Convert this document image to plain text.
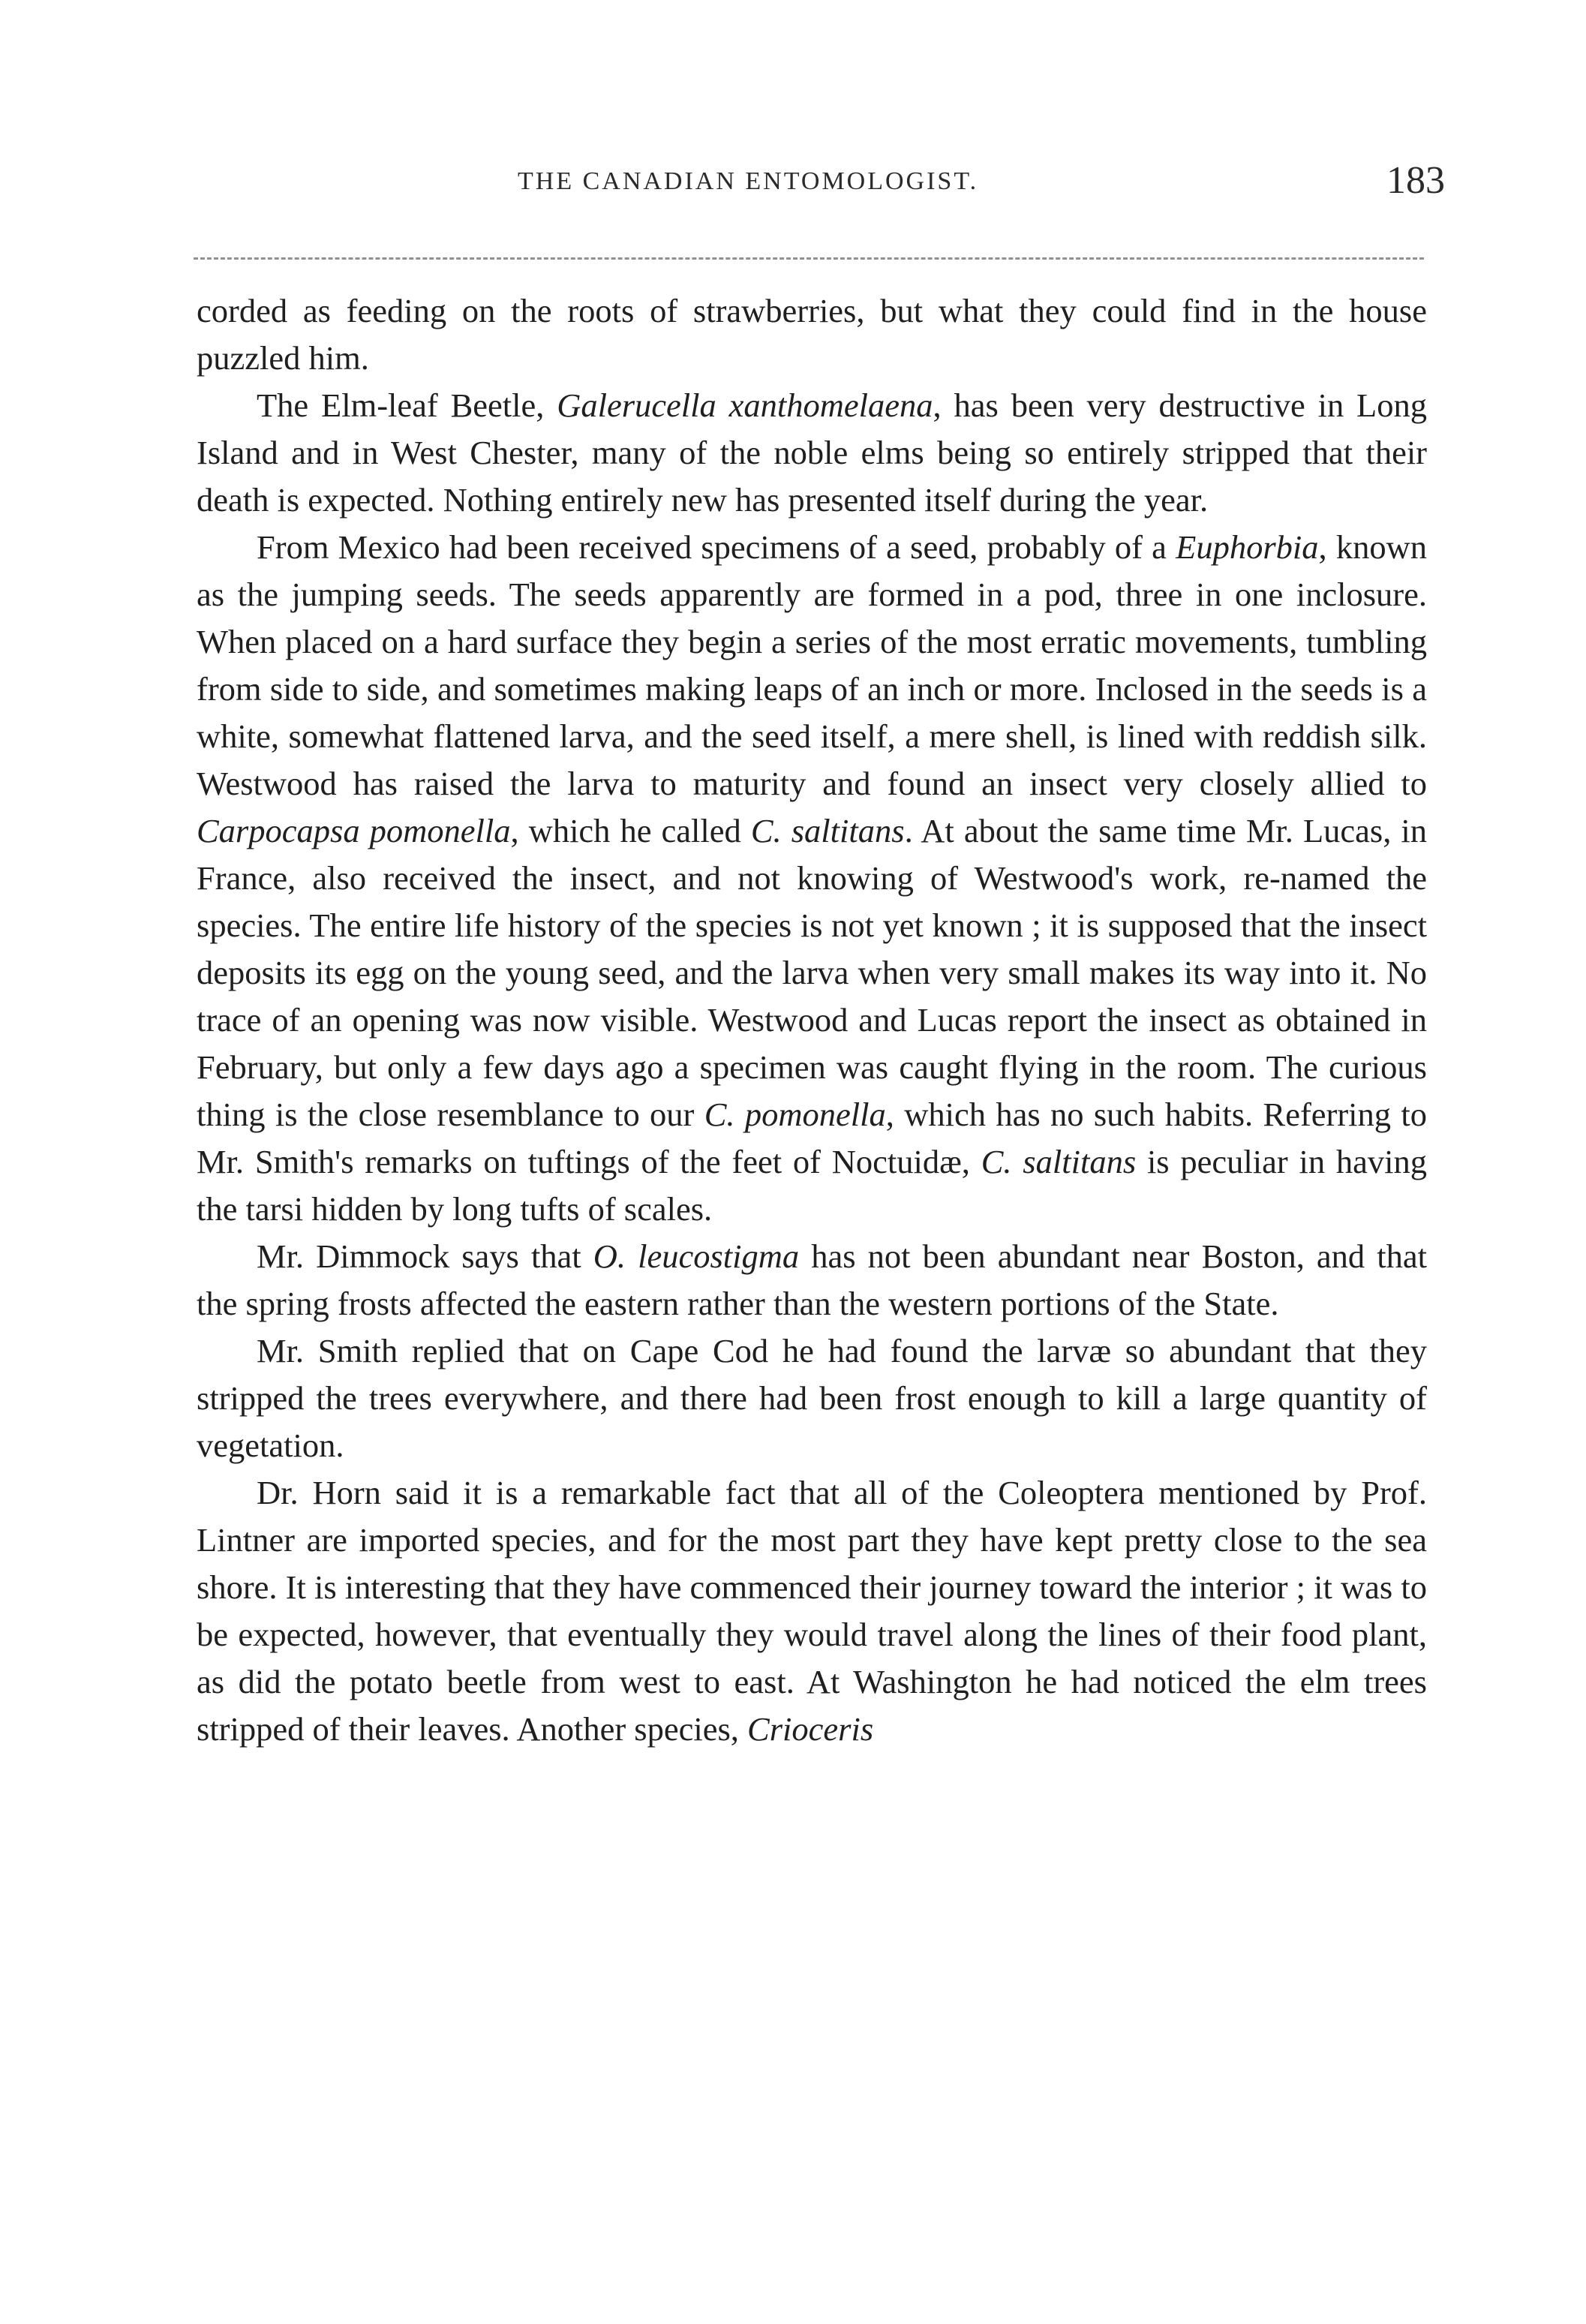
THE CANADIAN ENTOMOLOGIST.	183

corded as feeding on the roots of strawberries, but what they could find in the house puzzled him.

The Elm-leaf Beetle, Galerucella xanthomelaena, has been very destructive in Long Island and in West Chester, many of the noble elms being so entirely stripped that their death is expected. Nothing entirely new has presented itself during the year.

From Mexico had been received specimens of a seed, probably of a Euphorbia, known as the jumping seeds. The seeds apparently are formed in a pod, three in one inclosure. When placed on a hard surface they begin a series of the most erratic movements, tumbling from side to side, and sometimes making leaps of an inch or more. Inclosed in the seeds is a white, somewhat flattened larva, and the seed itself, a mere shell, is lined with reddish silk. Westwood has raised the larva to maturity and found an insect very closely allied to Carpocapsa pomonella, which he called C. saltitans. At about the same time Mr. Lucas, in France, also received the insect, and not knowing of Westwood's work, re-named the species. The entire life history of the species is not yet known ; it is supposed that the insect deposits its egg on the young seed, and the larva when very small makes its way into it. No trace of an opening was now visible. Westwood and Lucas report the insect as obtained in February, but only a few days ago a specimen was caught flying in the room. The curious thing is the close resemblance to our C. pomonella, which has no such habits. Referring to Mr. Smith's remarks on tuftings of the feet of Noctuidæ, C. saltitans is peculiar in having the tarsi hidden by long tufts of scales.

Mr. Dimmock says that O. leucostigma has not been abundant near Boston, and that the spring frosts affected the eastern rather than the western portions of the State.

Mr. Smith replied that on Cape Cod he had found the larvæ so abundant that they stripped the trees everywhere, and there had been frost enough to kill a large quantity of vegetation.

Dr. Horn said it is a remarkable fact that all of the Coleoptera mentioned by Prof. Lintner are imported species, and for the most part they have kept pretty close to the sea shore. It is interesting that they have commenced their journey toward the interior ; it was to be expected, however, that eventually they would travel along the lines of their food plant, as did the potato beetle from west to east. At Washington he had noticed the elm trees stripped of their leaves. Another species, Crioceris
